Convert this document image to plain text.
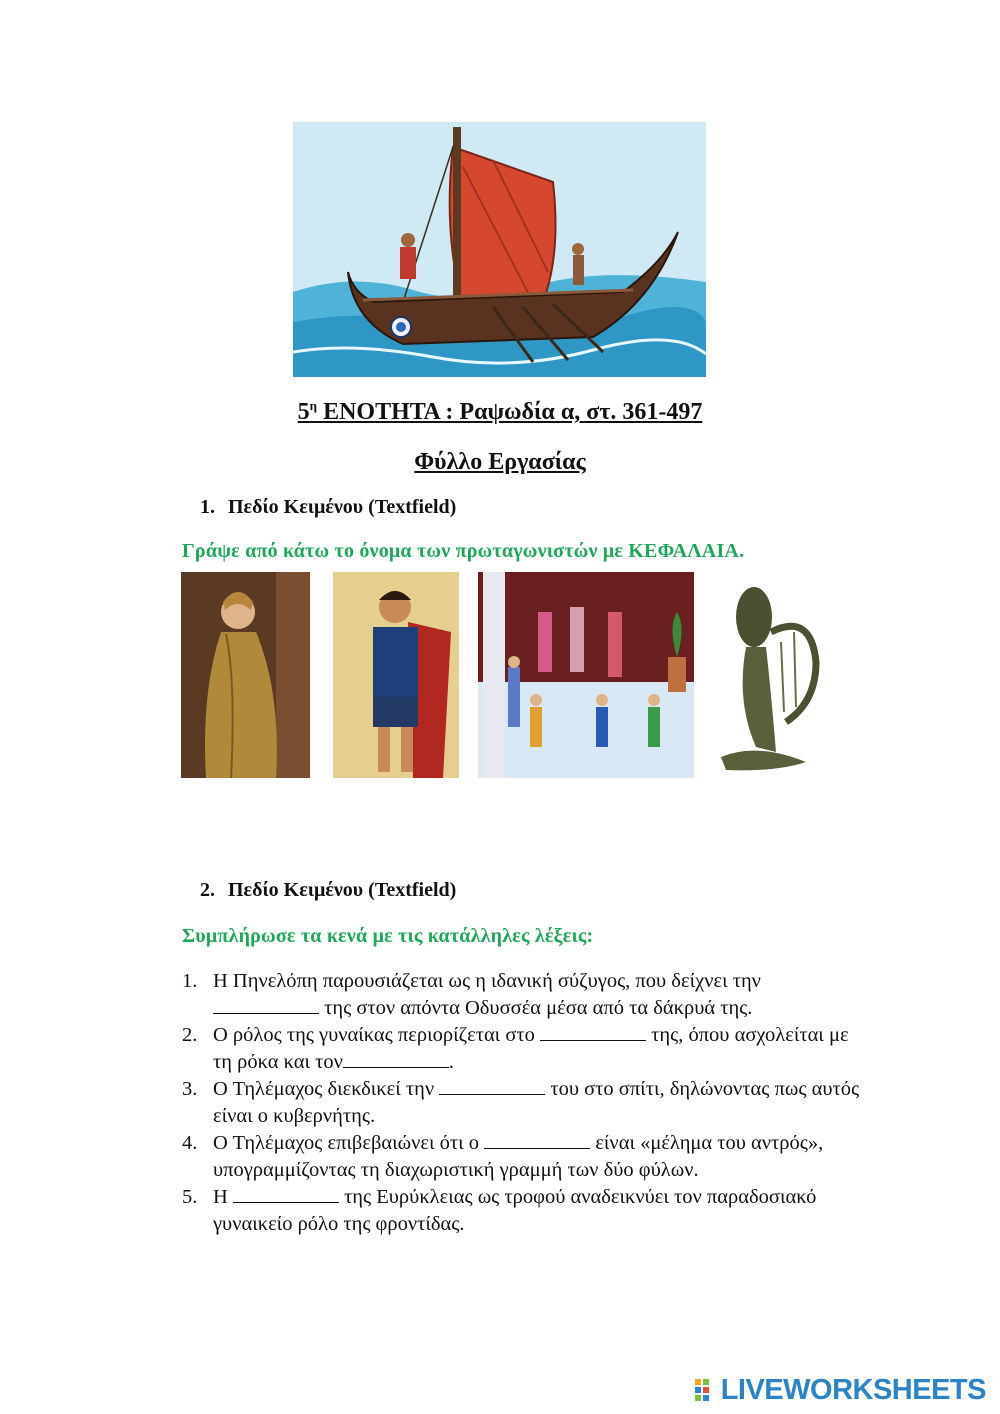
$5^\eta$ ΕΝΟΤΗΤΑ : Ραψωδία α, στ. 361-497
Φύλλο Εργασίας
1. Πεδίο Κειμένου (Textfield)
Γράψε από κάτω το όνομα των πρωταγωνιστών με ΚΕΦΑΛΑΙΑ.
2. Πεδίο Κειμένου (Textfield)
Συμπλήρωσε τα κενά με τις κατάλληλες λέξεις:
1. Η Πηνελόπη παρουσιάζεται ως η ιδανική σύζυγος, που δείχνει την  της στον απόντα Οδυσσέα μέσα από τα δάκρυά της.
2. Ο ρόλος της γυναίκας περιορίζεται στο	της, όπου ασχολείται με τη ρόκα και τον	.
3. Ο Τηλέμαχος διεκδικεί την	του στο σπίτι, δηλώνοντας πως αυτός είναι ο κυβερνήτης.
4. Ο Τηλέμαχος επιβεβαιώνει ότι ο	είναι «μέλημα του αντρός», υπογραμμίζοντας τη διαχωριστική γραμμή των δύο φύλων.
5. Η	της Ευρύκλειας ως τροφού αναδεικνύει τον παραδοσιακό γυναικείο ρόλο της φροντίδας.
LIVEWORKSHEETS
